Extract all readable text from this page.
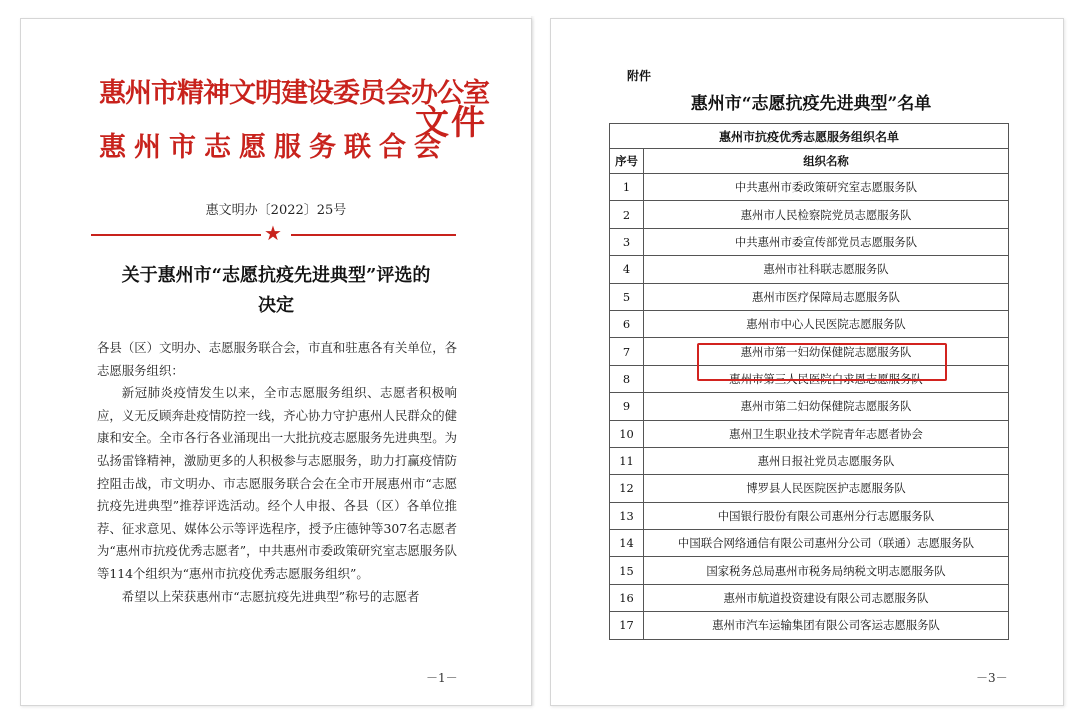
惠州市精神文明建设委员会办公室
惠州市志愿服务联合会
文件
惠文明办〔2022〕25号
★
关于惠州市“志愿抗疫先进典型”评选的
决定

各县（区）文明办、志愿服务联合会，市直和驻惠各有关单位，各志愿服务组织：

新冠肺炎疫情发生以来，全市志愿服务组织、志愿者积极响应，义无反顾奔赴疫情防控一线，齐心协力守护惠州人民群众的健康和安全。全市各行各业涌现出一大批抗疫志愿服务先进典型。为弘扬雷锋精神，激励更多的人积极参与志愿服务，助力打赢疫情防控阻击战，市文明办、市志愿服务联合会在全市开展惠州市“志愿抗疫先进典型”推荐评选活动。经个人申报、各县（区）各单位推荐、征求意见、媒体公示等评选程序，授予庄德钟等307名志愿者为“惠州市抗疫优秀志愿者”，中共惠州市委政策研究室志愿服务队等114个组织为“惠州市抗疫优秀志愿服务组织”。

希望以上荣获惠州市“志愿抗疫先进典型”称号的志愿者

－1－
附件
惠州市“志愿抗疫先进典型”名单
惠州市抗疫优秀志愿服务组织名单	
序号	组织名称
1	中共惠州市委政策研究室志愿服务队
2	惠州市人民检察院党员志愿服务队
3	中共惠州市委宣传部党员志愿服务队
4	惠州市社科联志愿服务队
5	惠州市医疗保障局志愿服务队
6	惠州市中心人民医院志愿服务队
7	惠州市第一妇幼保健院志愿服务队
8	惠州市第三人民医院白求恩志愿服务队
9	惠州市第二妇幼保健院志愿服务队
10	惠州卫生职业技术学院青年志愿者协会
11	惠州日报社党员志愿服务队
12	博罗县人民医院医护志愿服务队
13	中国银行股份有限公司惠州分行志愿服务队
14	中国联合网络通信有限公司惠州分公司（联通）志愿服务队
15	国家税务总局惠州市税务局纳税文明志愿服务队
16	惠州市航道投资建设有限公司志愿服务队
17	惠州市汽车运输集团有限公司客运志愿服务队
－3－
